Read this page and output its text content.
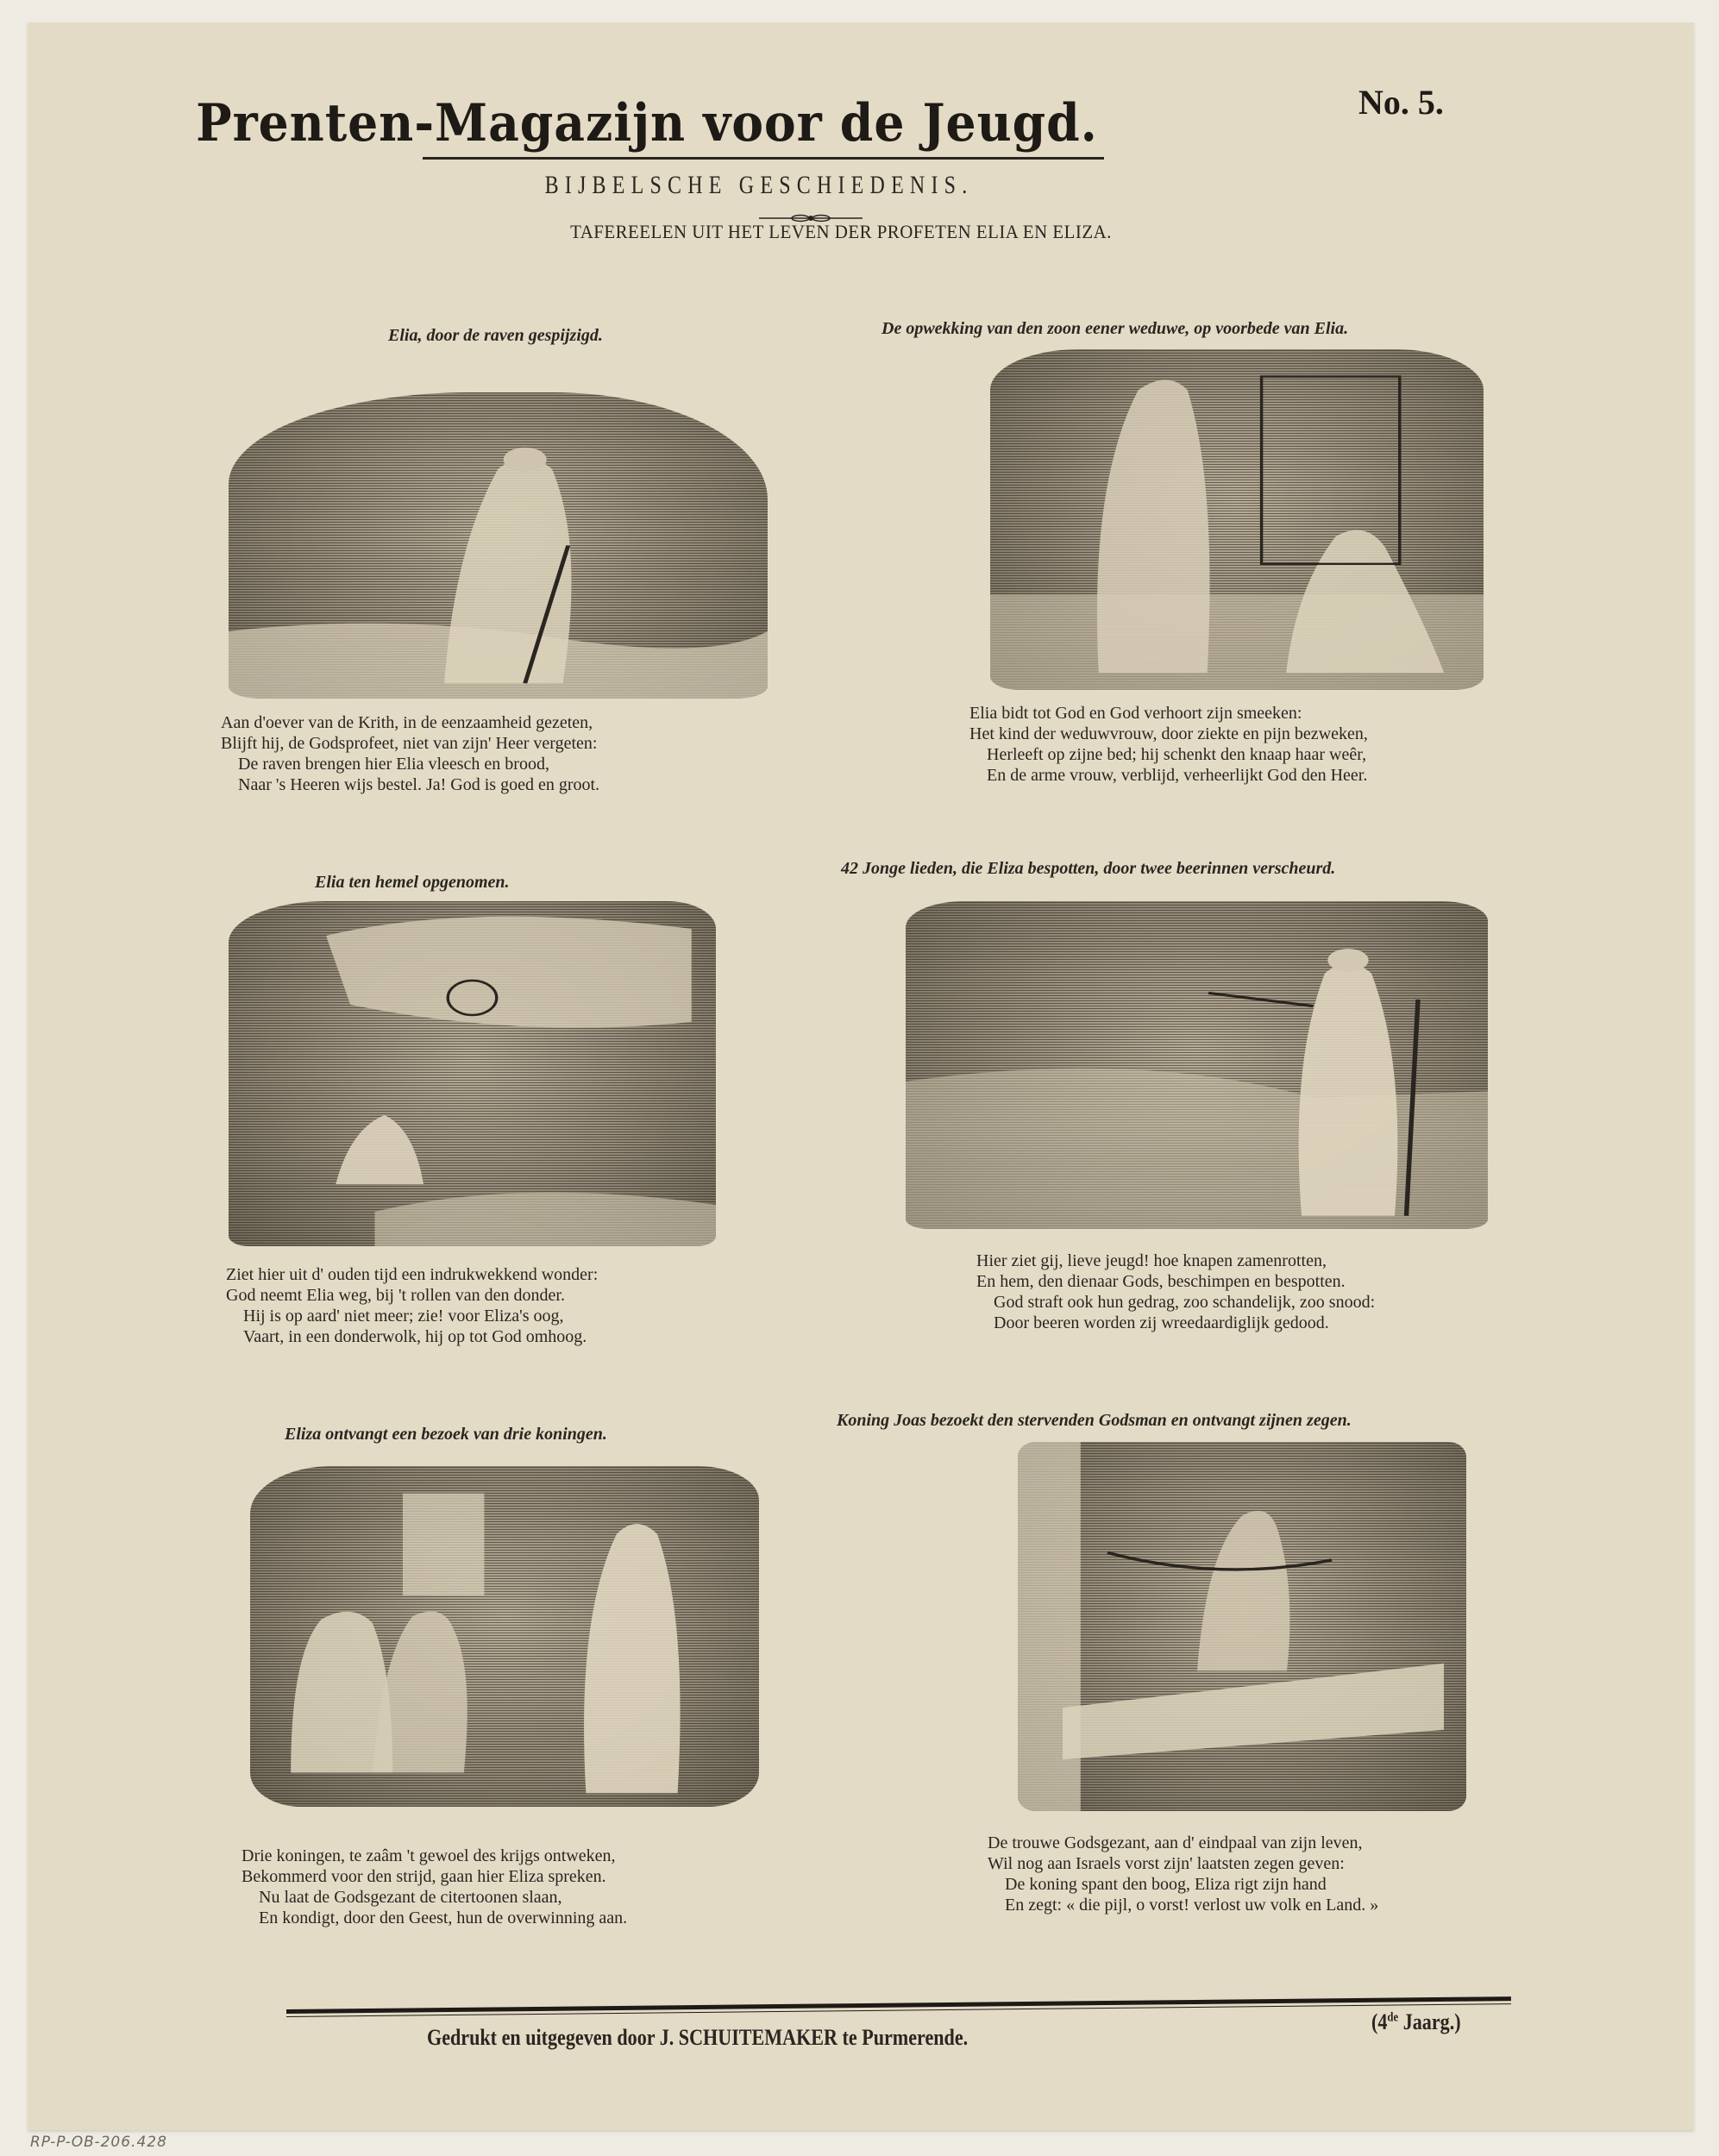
Prenten-Magazijn voor de Jeugd.	No. 5.
BIJBELSCHE GESCHIEDENIS.
TAFEREELEN UIT HET LEVEN DER PROFETEN ELIA EN ELIZA.
Elia, door de raven gespijzigd.
Aan d'oever van de Krith, in de eenzaamheid gezeten,
Blijft hij, de Godsprofeet, niet van zijn' Heer vergeten:
De raven brengen hier Elia vleesch en brood,
Naar 's Heeren wijs bestel. Ja! God is goed en groot.
De opwekking van den zoon eener weduwe, op voorbede van Elia.
Elia bidt tot God en God verhoort zijn smeeken:
Het kind der weduwvrouw, door ziekte en pijn bezweken,
Herleeft op zijne bed; hij schenkt den knaap haar weêr,
En de arme vrouw, verblijd, verheerlijkt God den Heer.
Elia ten hemel opgenomen.
Ziet hier uit d' ouden tijd een indrukwekkend wonder:
God neemt Elia weg, bij 't rollen van den donder.
Hij is op aard' niet meer; zie! voor Eliza's oog,
Vaart, in een donderwolk, hij op tot God omhoog.
42 Jonge lieden, die Eliza bespotten, door twee beerinnen verscheurd.
Hier ziet gij, lieve jeugd! hoe knapen zamenrotten,
En hem, den dienaar Gods, beschimpen en bespotten.
God straft ook hun gedrag, zoo schandelijk, zoo snood:
Door beeren worden zij wreedaardiglijk gedood.
Eliza ontvangt een bezoek van drie koningen.
Drie koningen, te zaâm 't gewoel des krijgs ontweken,
Bekommerd voor den strijd, gaan hier Eliza spreken.
Nu laat de Godsgezant de citertoonen slaan,
En kondigt, door den Geest, hun de overwinning aan.
Koning Joas bezoekt den stervenden Godsman en ontvangt zijnen zegen.
De trouwe Godsgezant, aan d' eindpaal van zijn leven,
Wil nog aan Israels vorst zijn' laatsten zegen geven:
De koning spant den boog, Eliza rigt zijn hand
En zegt: « die pijl, o vorst! verlost uw volk en Land. »
Gedrukt en uitgegeven door J. SCHUITEMAKER te Purmerende.
(4de Jaarg.)
RP-P-OB-206.428
